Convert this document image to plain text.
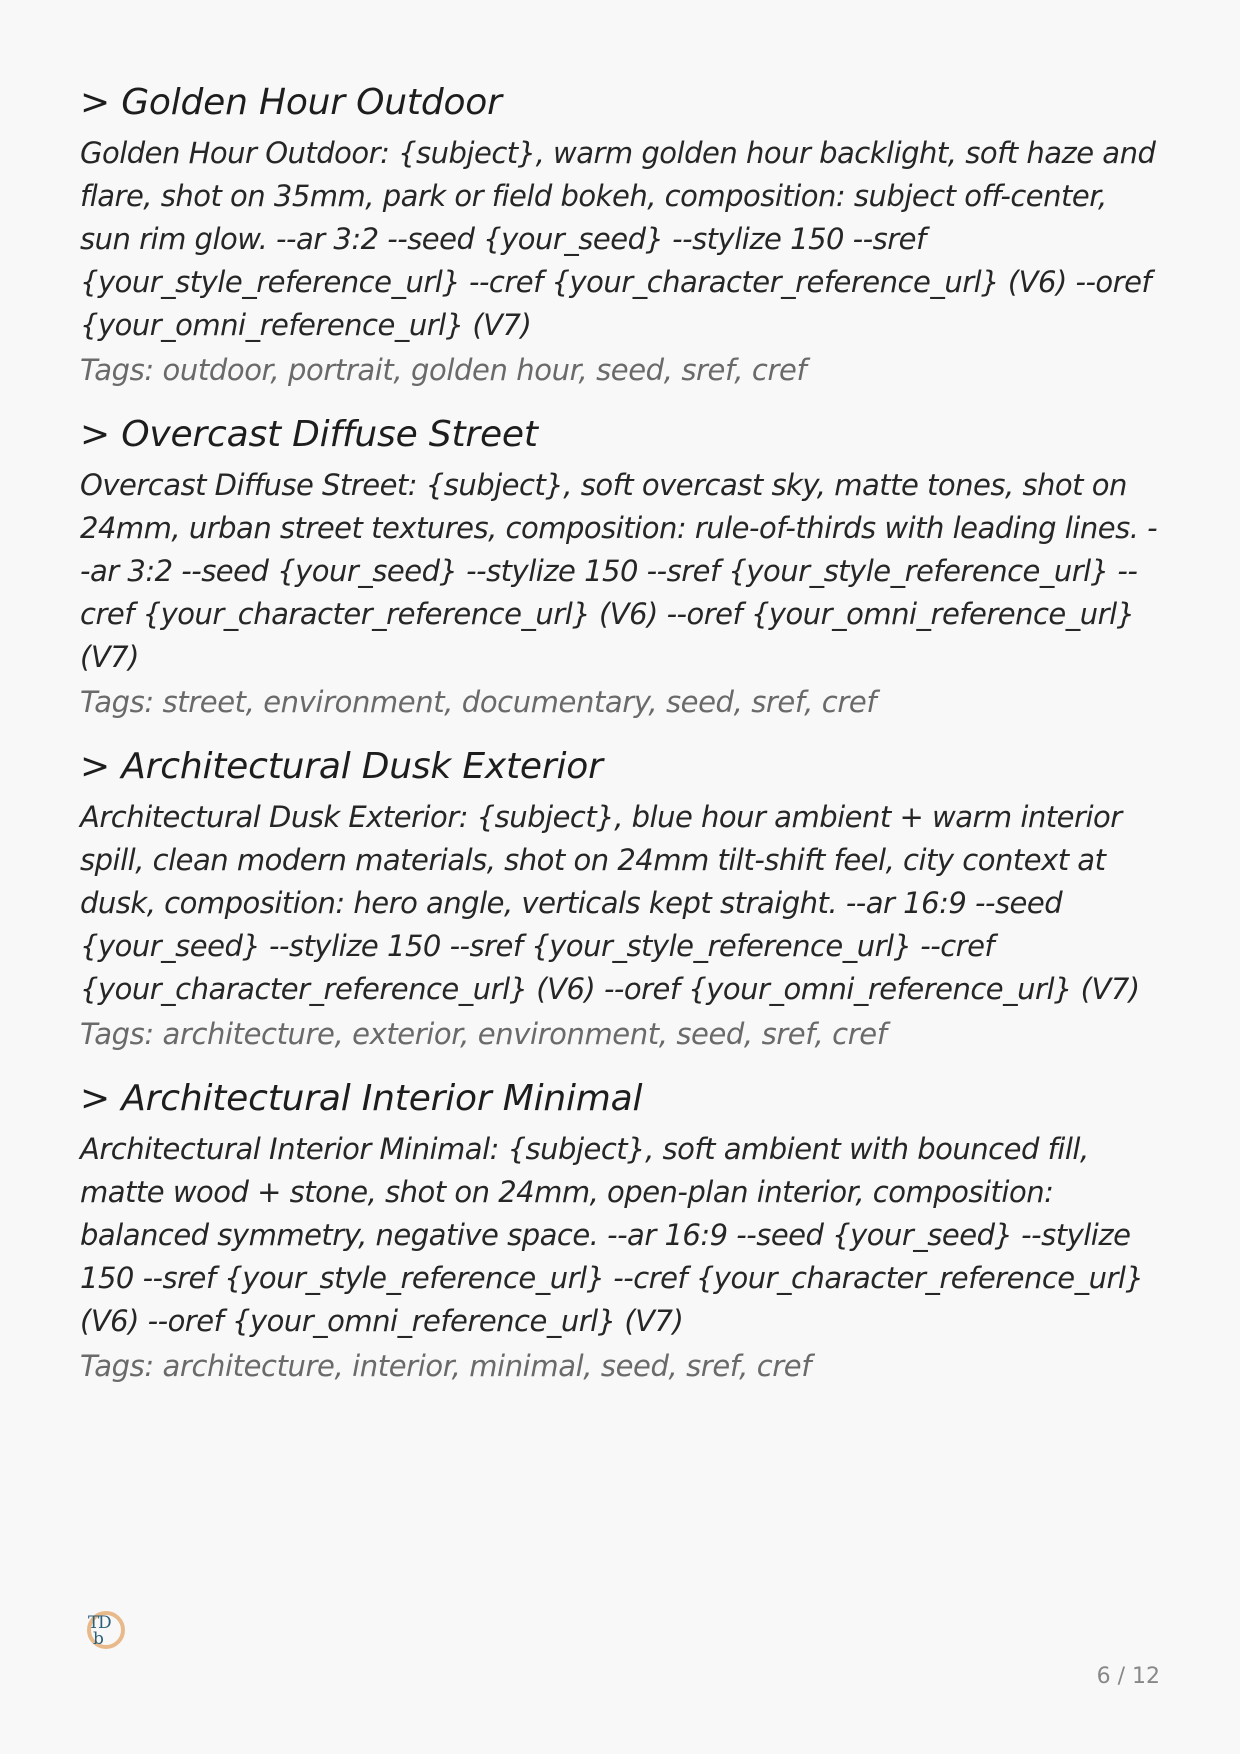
> Golden Hour Outdoor

Golden Hour Outdoor: {subject}, warm golden hour backlight, soft haze and flare, shot on 35mm, park or field bokeh, composition: subject off-center, sun rim glow. --ar 3:2 --seed {your_seed} --stylize 150 --sref {your_style_reference_url} --cref {your_character_reference_url} (V6) --oref {your_omni_reference_url} (V7)

Tags: outdoor, portrait, golden hour, seed, sref, cref

> Overcast Diffuse Street

Overcast Diffuse Street: {subject}, soft overcast sky, matte tones, shot on 24mm, urban street textures, composition: rule-of-thirds with leading lines. --ar 3:2 --seed {your_seed} --stylize 150 --sref {your_style_reference_url} --cref {your_character_reference_url} (V6) --oref {your_omni_reference_url} (V7)

Tags: street, environment, documentary, seed, sref, cref

> Architectural Dusk Exterior

Architectural Dusk Exterior: {subject}, blue hour ambient + warm interior spill, clean modern materials, shot on 24mm tilt-shift feel, city context at dusk, composition: hero angle, verticals kept straight. --ar 16:9 --seed {your_seed} --stylize 150 --sref {your_style_reference_url} --cref {your_character_reference_url} (V6) --oref {your_omni_reference_url} (V7)

Tags: architecture, exterior, environment, seed, sref, cref

> Architectural Interior Minimal

Architectural Interior Minimal: {subject}, soft ambient with bounced fill, matte wood + stone, shot on 24mm, open-plan interior, composition: balanced symmetry, negative space. --ar 16:9 --seed {your_seed} --stylize 150 --sref {your_style_reference_url} --cref {your_character_reference_url} (V6) --oref {your_omni_reference_url} (V7)

Tags: architecture, interior, minimal, seed, sref, cref

T
D
b
6 / 12
